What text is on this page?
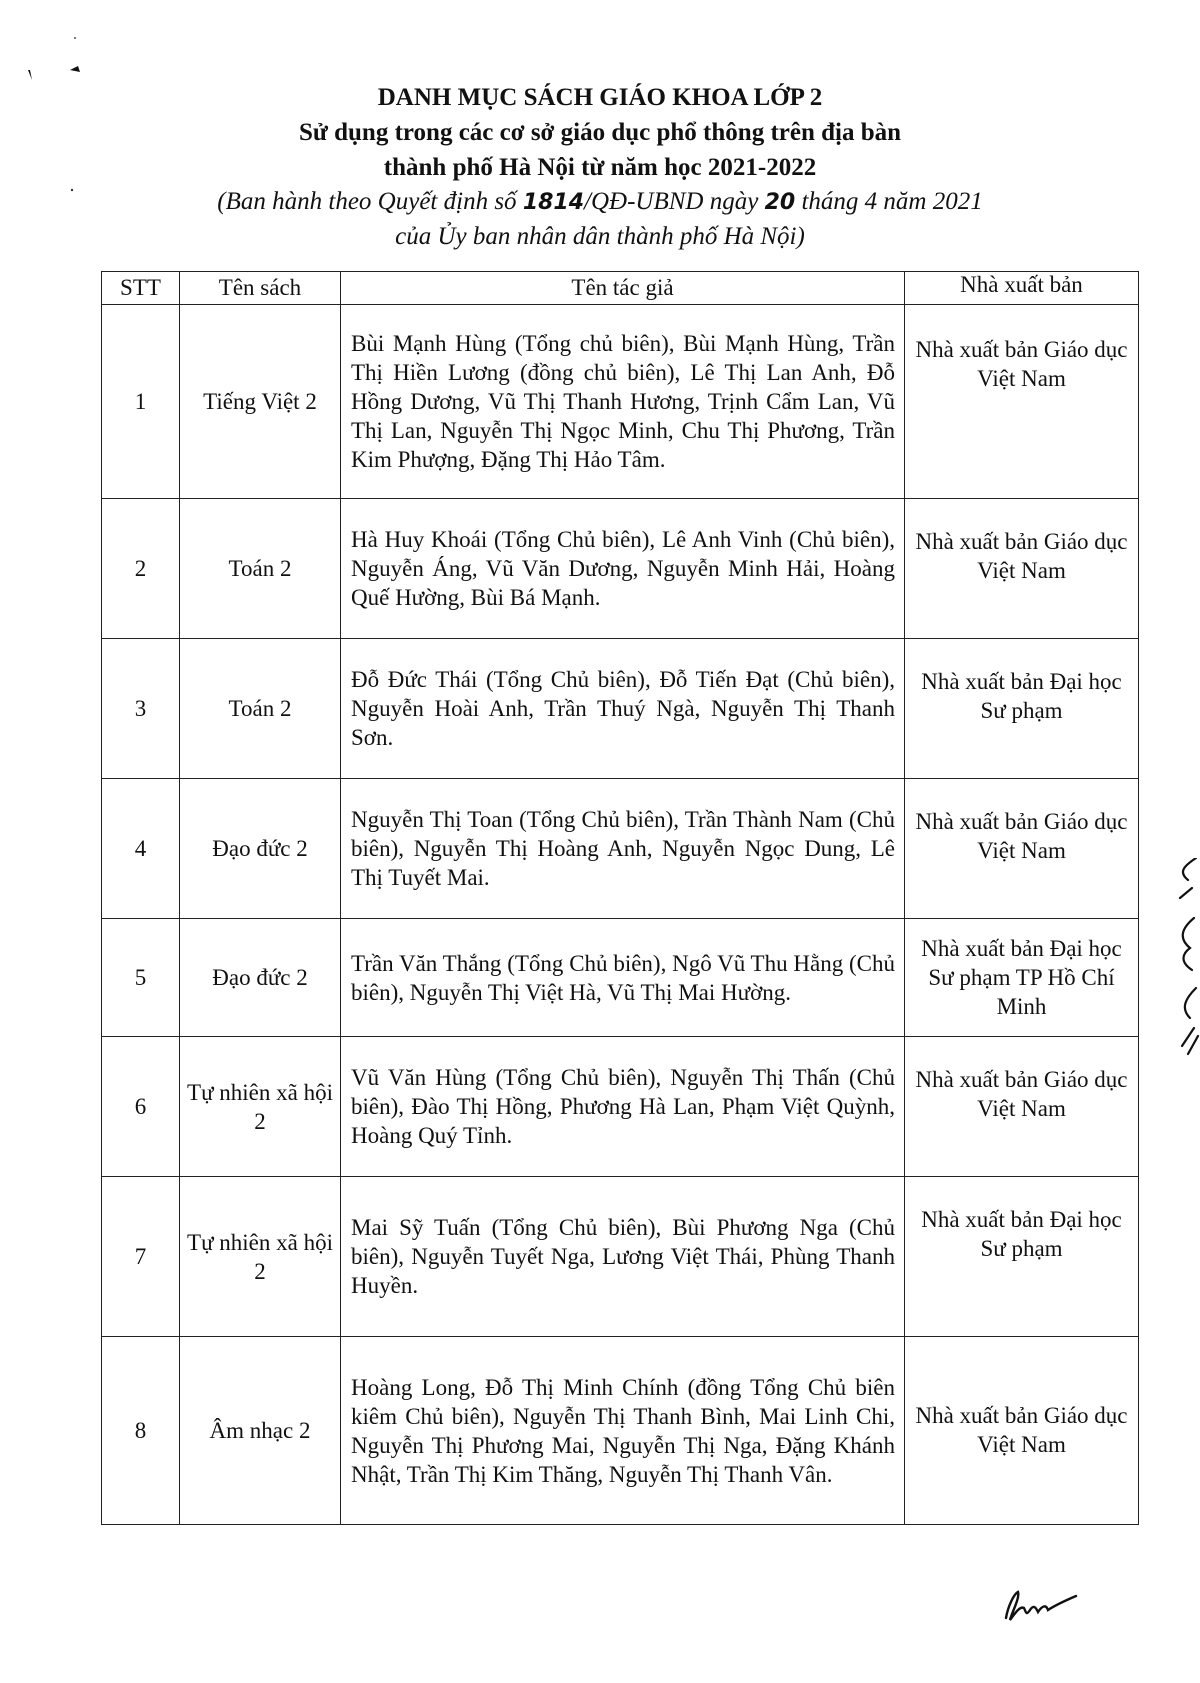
DANH MỤC SÁCH GIÁO KHOA LỚP 2

Sử dụng trong các cơ sở giáo dục phổ thông trên địa bàn

thành phố Hà Nội từ năm học 2021-2022

(Ban hành theo Quyết định số 1814/QĐ-UBND ngày 20 tháng 4 năm 2021

của Ủy ban nhân dân thành phố Hà Nội)

STT	Tên sách	Tên tác giả	Nhà xuất bản
1	Tiếng Việt 2	Bùi Mạnh Hùng (Tổng chủ biên), Bùi Mạnh Hùng, Trần Thị Hiền Lương (đồng chủ biên), Lê Thị Lan Anh, Đỗ Hồng Dương, Vũ Thị Thanh Hương, Trịnh Cẩm Lan, Vũ Thị Lan, Nguyễn Thị Ngọc Minh, Chu Thị Phương, Trần Kim Phượng, Đặng Thị Hảo Tâm.	Nhà xuất bản Giáo dục Việt Nam
2	Toán 2	Hà Huy Khoái (Tổng Chủ biên), Lê Anh Vinh (Chủ biên), Nguyễn Áng, Vũ Văn Dương, Nguyễn Minh Hải, Hoàng Quế Hường, Bùi Bá Mạnh.	Nhà xuất bản Giáo dục Việt Nam
3	Toán 2	Đỗ Đức Thái (Tổng Chủ biên), Đỗ Tiến Đạt (Chủ biên), Nguyễn Hoài Anh, Trần Thuý Ngà, Nguyễn Thị Thanh Sơn.	Nhà xuất bản Đại học Sư phạm
4	Đạo đức 2	Nguyễn Thị Toan (Tổng Chủ biên), Trần Thành Nam (Chủ biên), Nguyễn Thị Hoàng Anh, Nguyễn Ngọc Dung, Lê Thị Tuyết Mai.	Nhà xuất bản Giáo dục Việt Nam
5	Đạo đức 2	Trần Văn Thắng (Tổng Chủ biên), Ngô Vũ Thu Hằng (Chủ biên), Nguyễn Thị Việt Hà, Vũ Thị Mai Hường.	Nhà xuất bản Đại học Sư phạm TP Hồ Chí Minh
6	Tự nhiên xã hội 2	Vũ Văn Hùng (Tổng Chủ biên), Nguyễn Thị Thấn (Chủ biên), Đào Thị Hồng, Phương Hà Lan, Phạm Việt Quỳnh, Hoàng Quý Tỉnh.	Nhà xuất bản Giáo dục Việt Nam
7	Tự nhiên xã hội 2	Mai Sỹ Tuấn (Tổng Chủ biên), Bùi Phương Nga (Chủ biên), Nguyễn Tuyết Nga, Lương Việt Thái, Phùng Thanh Huyền.	Nhà xuất bản Đại học Sư phạm
8	Âm nhạc 2	Hoàng Long, Đỗ Thị Minh Chính (đồng Tổng Chủ biên kiêm Chủ biên), Nguyễn Thị Thanh Bình, Mai Linh Chi, Nguyễn Thị Phương Mai, Nguyễn Thị Nga, Đặng Khánh Nhật, Trần Thị Kim Thăng, Nguyễn Thị Thanh Vân.	Nhà xuất bản Giáo dục Việt Nam
